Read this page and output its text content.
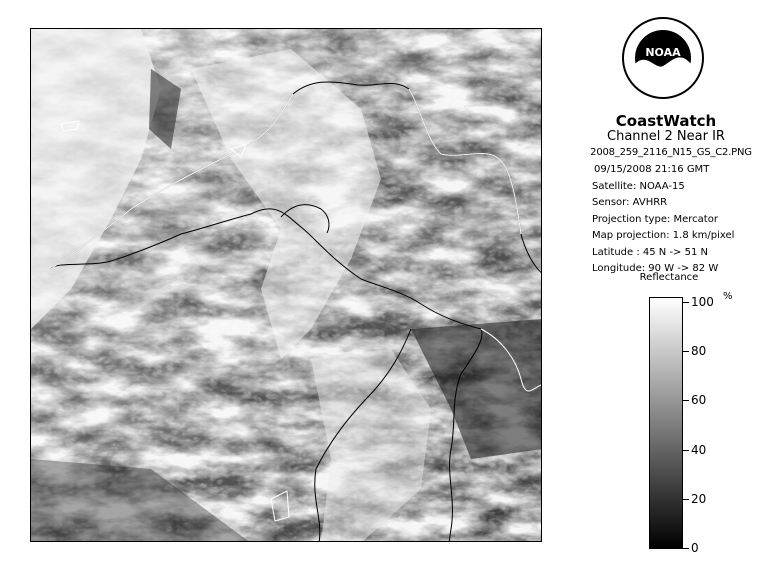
NOAA
CoastWatch
Channel 2 Near IR
2008_259_2116_N15_GS_C2.PNG
09/15/2008 21:16 GMT
Satellite: NOAA-15
Sensor: AVHRR
Projection type: Mercator
Map projection: 1.8 km/pixel
Latitude : 45 N -> 51 N
Longitude: 90 W -> 82 W
Reflectance
%
100
80
60
40
20
0
